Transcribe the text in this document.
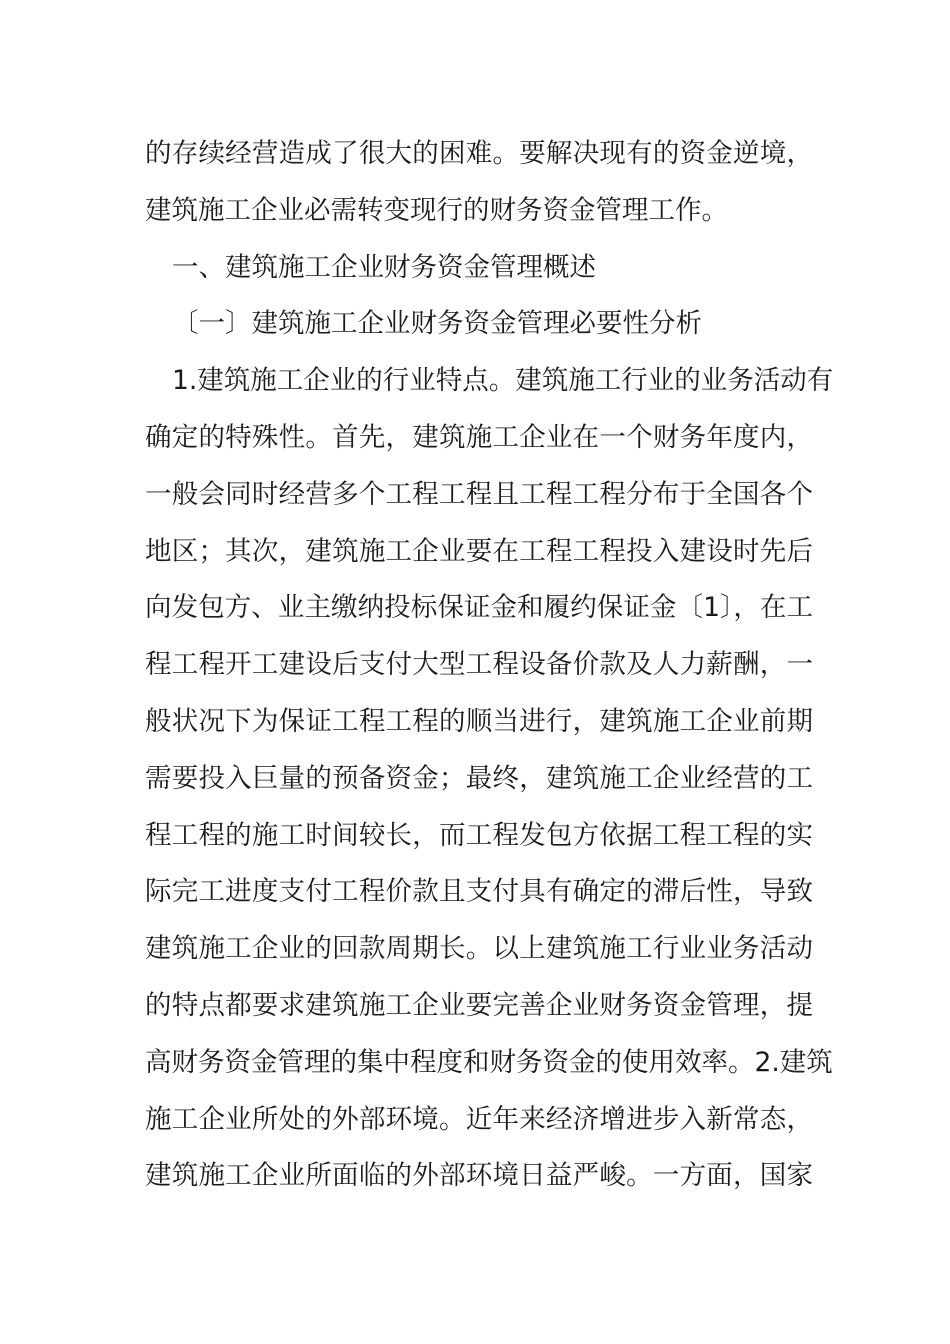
的存续经营造成了很大的困难。要解决现有的资金逆境，
建筑施工企业必需转变现行的财务资金管理工作。
一、建筑施工企业财务资金管理概述
〔一〕建筑施工企业财务资金管理必要性分析
1.建筑施工企业的行业特点。建筑施工行业的业务活动有
确定的特殊性。首先，建筑施工企业在一个财务年度内，
一般会同时经营多个工程工程且工程工程分布于全国各个
地区；其次，建筑施工企业要在工程工程投入建设时先后
向发包方、业主缴纳投标保证金和履约保证金〔1〕，在工
程工程开工建设后支付大型工程设备价款及人力薪酬，一
般状况下为保证工程工程的顺当进行，建筑施工企业前期
需要投入巨量的预备资金；最终，建筑施工企业经营的工
程工程的施工时间较长，而工程发包方依据工程工程的实
际完工进度支付工程价款且支付具有确定的滞后性，导致
建筑施工企业的回款周期长。以上建筑施工行业业务活动
的特点都要求建筑施工企业要完善企业财务资金管理，提
高财务资金管理的集中程度和财务资金的使用效率。2.建筑
施工企业所处的外部环境。近年来经济增进步入新常态，
建筑施工企业所面临的外部环境日益严峻。一方面，国家
